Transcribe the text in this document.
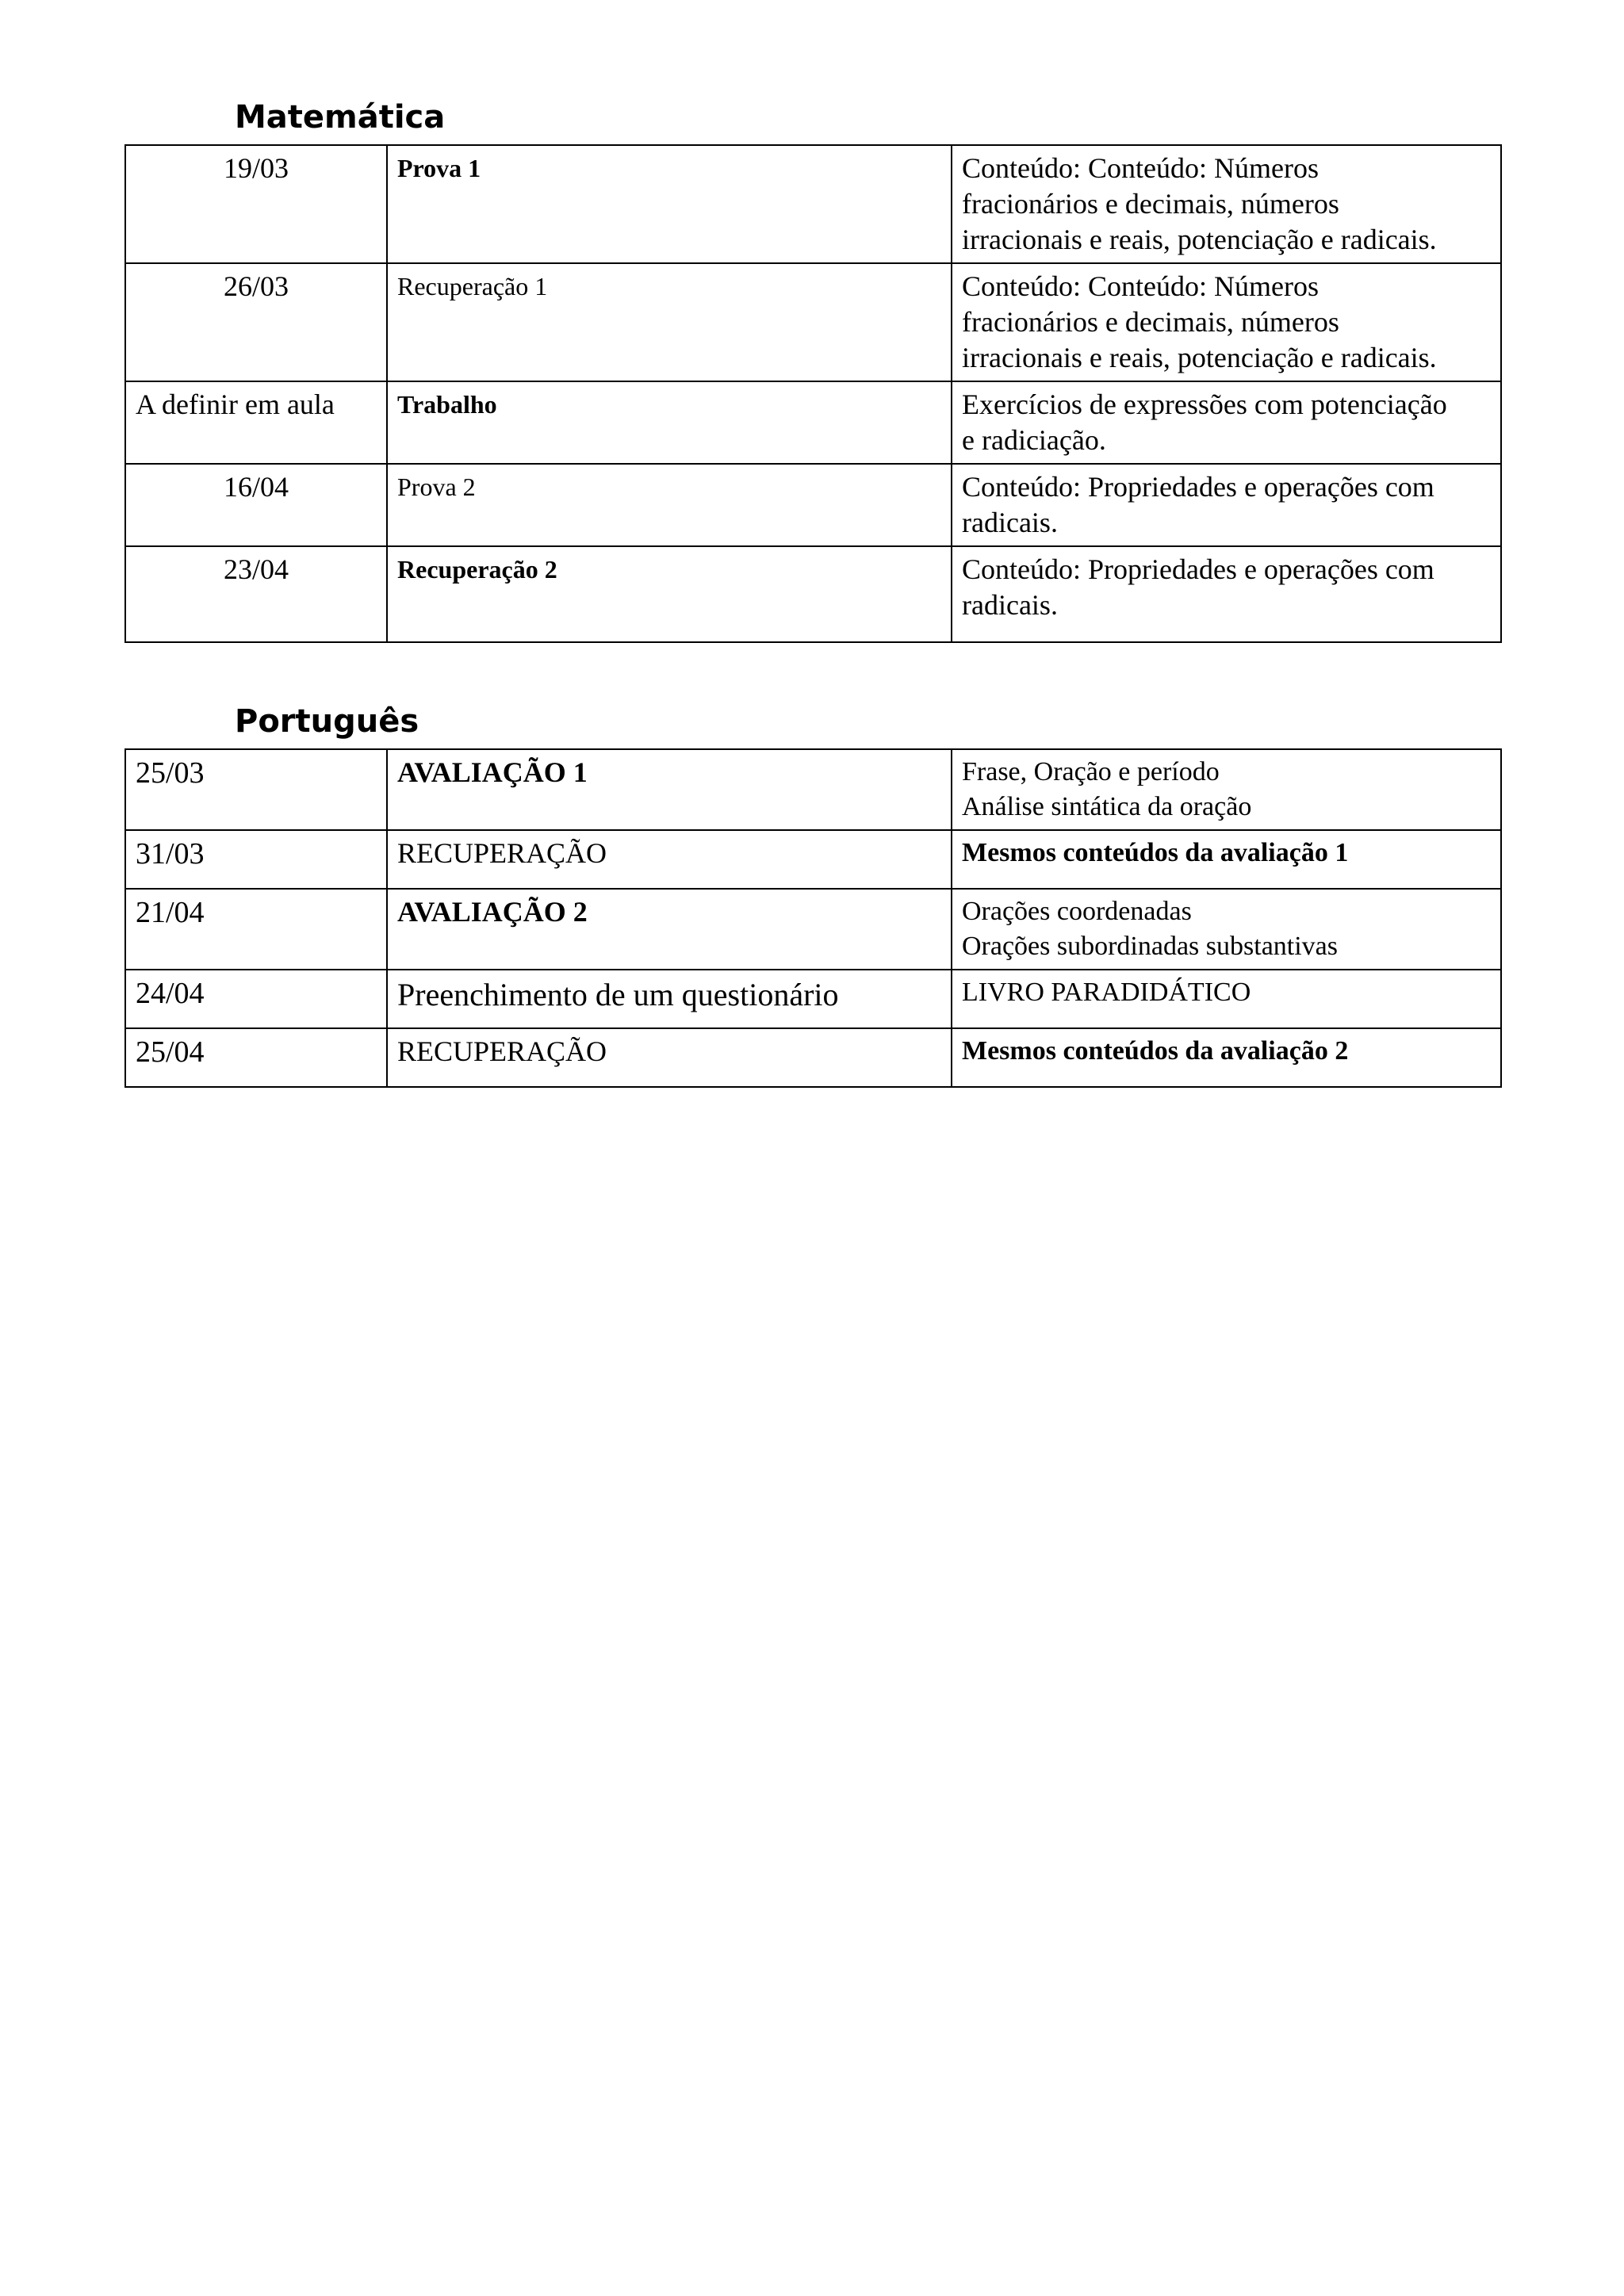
Matemática
19/03	Prova 1	Conteúdo: Conteúdo: Números
fracionários e decimais, números
irracionais e reais, potenciação e radicais.

26/03	Recuperação 1	Conteúdo: Conteúdo: Números
fracionários e decimais, números
irracionais e reais, potenciação e radicais.

A definir em aula	Trabalho	Exercícios de expressões com potenciação
e radiciação.

16/04	Prova 2	Conteúdo: Propriedades e operações com
radicais.

23/04	Recuperação 2	Conteúdo: Propriedades e operações com
radicais.
Português
25/03	AVALIAÇÃO 1	Frase, Oração e período
Análise sintática da oração

31/03	RECUPERAÇÃO	Mesmos conteúdos da avaliação 1

21/04	AVALIAÇÃO 2	Orações coordenadas
Orações subordinadas substantivas

24/04	Preenchimento de um questionário	LIVRO PARADIDÁTICO

25/04	RECUPERAÇÃO	Mesmos conteúdos da avaliação 2
